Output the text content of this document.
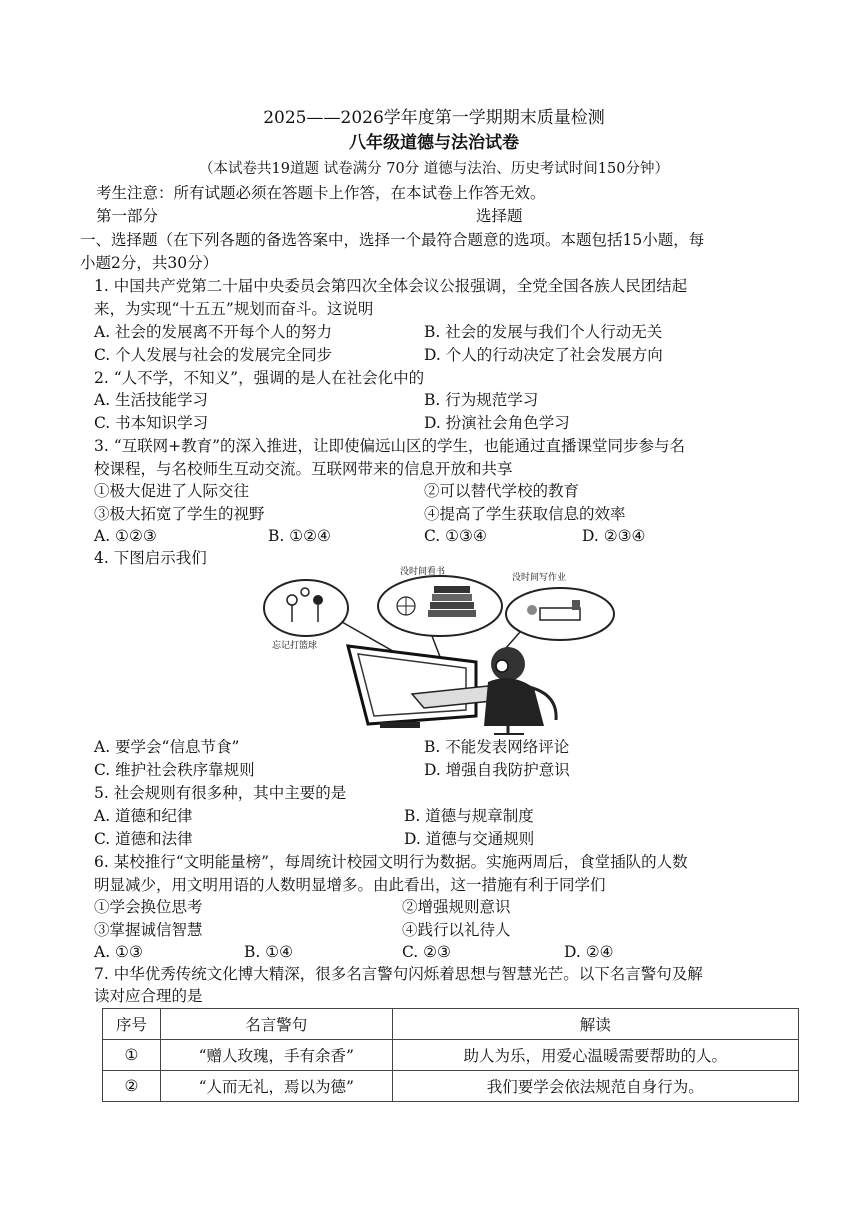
2025——2026学年度第一学期期末质量检测
八年级道德与法治试卷
（本试卷共19道题 试卷满分 70分 道德与法治、历史考试时间150分钟）
考生注意：所有试题必须在答题卡上作答，在本试卷上作答无效。
第一部分	选择题
一、选择题（在下列各题的备选答案中，选择一个最符合题意的选项。本题包括15小题，每
小题2分，共30分）
1. 中国共产党第二十届中央委员会第四次全体会议公报强调，全党全国各族人民团结起
来，为实现“十五五”规划而奋斗。这说明
A. 社会的发展离不开每个人的努力	B. 社会的发展与我们个人行动无关
C. 个人发展与社会的发展完全同步	D. 个人的行动决定了社会发展方向
2. “人不学，不知义”，强调的是人在社会化中的
A. 生活技能学习	B. 行为规范学习
C. 书本知识学习	D. 扮演社会角色学习
3. “互联网+教育”的深入推进，让即使偏远山区的学生，也能通过直播课堂同步参与名
校课程，与名校师生互动交流。互联网带来的信息开放和共享
①极大促进了人际交往	②可以替代学校的教育
③极大拓宽了学生的视野	④提高了学生获取信息的效率
A. ①②③	B. ①②④	C. ①③④	D. ②③④
4. 下图启示我们
忘记打篮球
没时间看书
没时间写作业
A. 要学会“信息节食”	B. 不能发表网络评论
C. 维护社会秩序靠规则	D. 增强自我防护意识
5. 社会规则有很多种，其中主要的是
A. 道德和纪律	B. 道德与规章制度
C. 道德和法律	D. 道德与交通规则
6. 某校推行“文明能量榜”，每周统计校园文明行为数据。实施两周后，食堂插队的人数
明显减少，用文明用语的人数明显增多。由此看出，这一措施有利于同学们
①学会换位思考	②增强规则意识
③掌握诚信智慧	④践行以礼待人
A. ①③	B. ①④	C. ②③	D. ②④
7. 中华优秀传统文化博大精深，很多名言警句闪烁着思想与智慧光芒。以下名言警句及解
读对应合理的是
序号	名言警句	解读
①	“赠人玫瑰，手有余香”	助人为乐，用爱心温暖需要帮助的人。
②	“人而无礼，焉以为德”	我们要学会依法规范自身行为。
